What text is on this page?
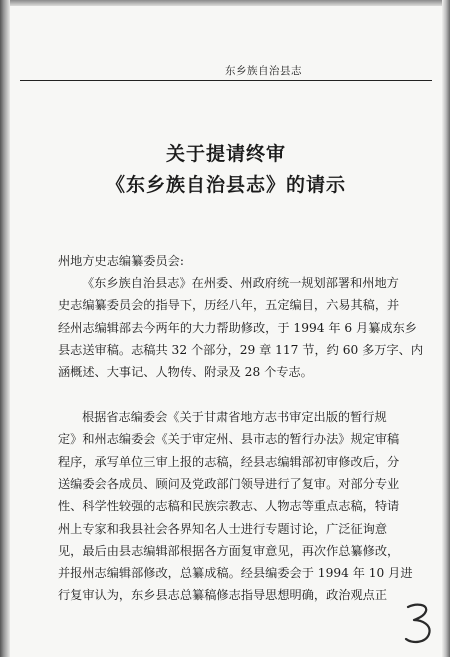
东乡族自治县志
关于提请终审
《东乡族自治县志》的请示
州地方史志编纂委员会:
《东乡族自治县志》在州委、州政府统一规划部署和州地方
史志编纂委员会的指导下，历经八年，五定编目，六易其稿，并
经州志编辑部去今两年的大力帮助修改，于 1994 年 6 月纂成东乡
县志送审稿。志稿共 32 个部分，29 章 117 节，约 60 多万字、内
涵概述、大事记、人物传、附录及 28 个专志。
根据省志编委会《关于甘肃省地方志书审定出版的暂行规
定》和州志编委会《关于审定州、县市志的暂行办法》规定审稿
程序，承写单位三审上报的志稿，经县志编辑部初审修改后，分
送编委会各成员、顾问及党政部门领导进行了复审。对部分专业
性、科学性较强的志稿和民族宗教志、人物志等重点志稿，特请
州上专家和我县社会各界知名人士进行专题讨论，广泛征询意
见，最后由县志编辑部根据各方面复审意见，再次作总纂修改，
并报州志编辑部修改，总纂成稿。经县编委会于 1994 年 10 月进
行复审认为，东乡县志总纂稿修志指导思想明确，政治观点正
